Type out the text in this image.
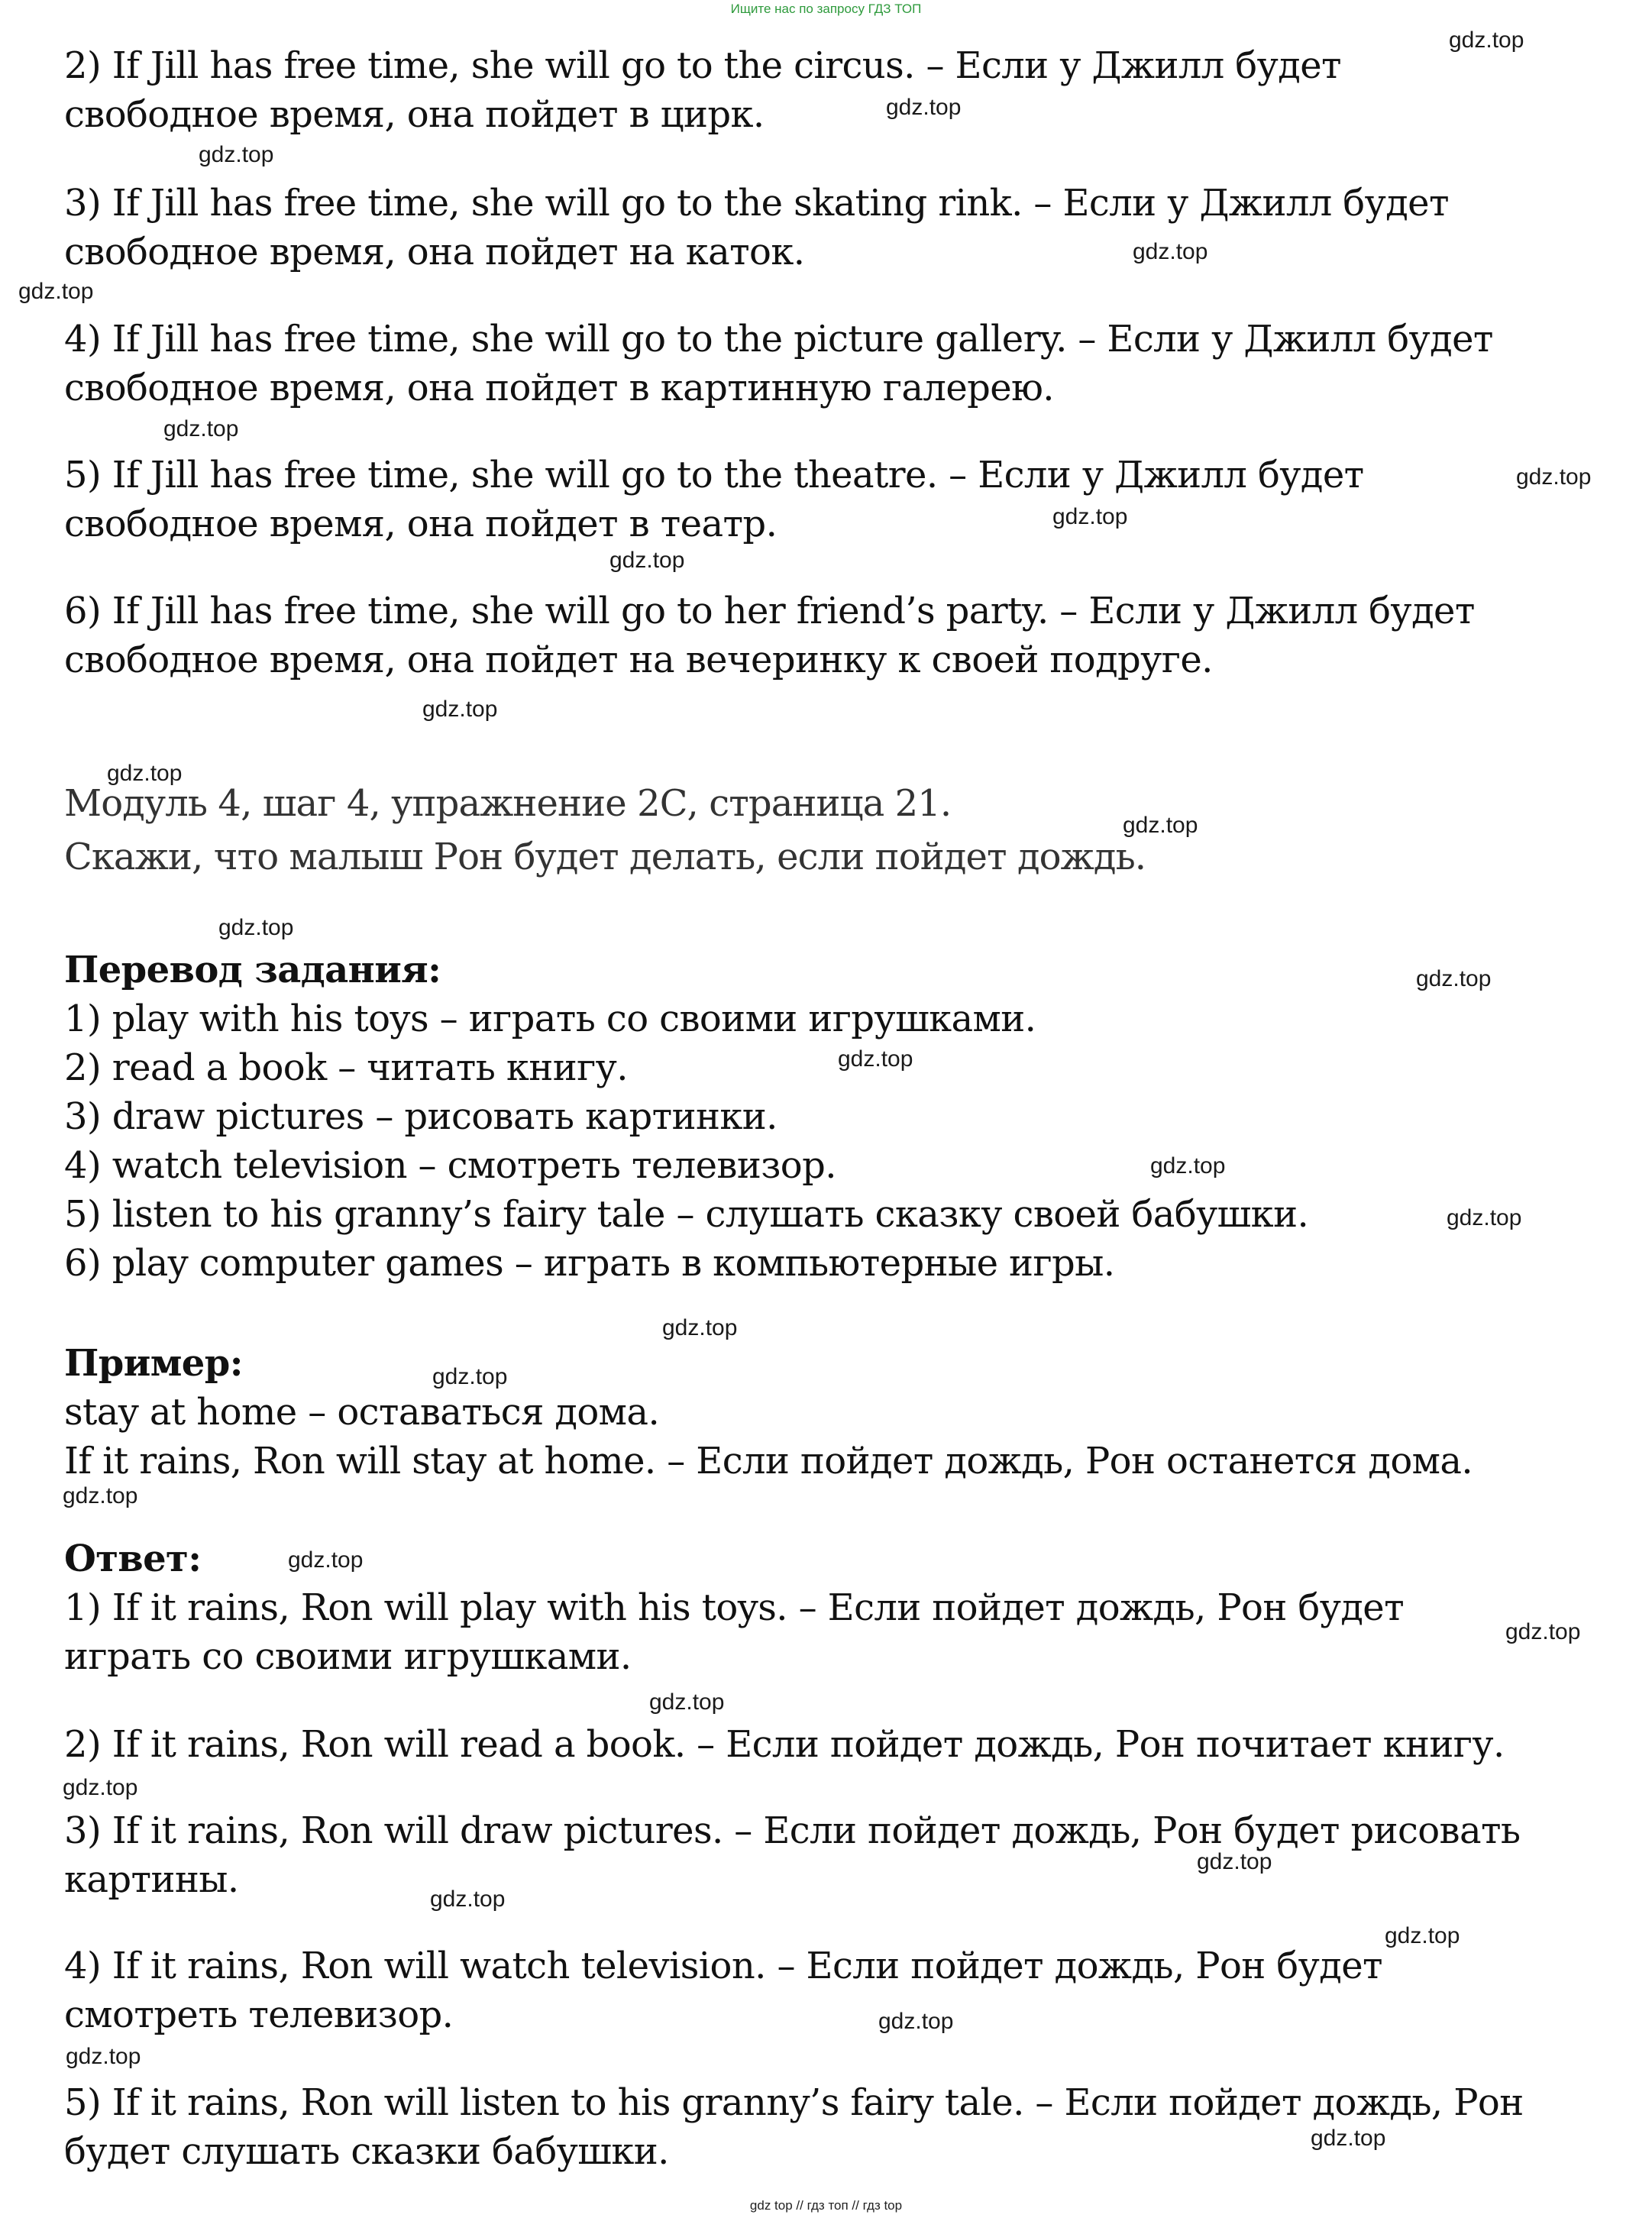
Ищите нас по запросу ГДЗ ТОП
2) If Jill has free time, she will go to the circus. – Если у Джилл будет
свободное время, она пойдет в цирк.
3) If Jill has free time, she will go to the skating rink. – Если у Джилл будет
свободное время, она пойдет на каток.
4) If Jill has free time, she will go to the picture gallery. – Если у Джилл будет
свободное время, она пойдет в картинную галерею.
5) If Jill has free time, she will go to the theatre. – Если у Джилл будет
свободное время, она пойдет в театр.
6) If Jill has free time, she will go to her friend’s party. – Если у Джилл будет
свободное время, она пойдет на вечеринку к своей подруге.
Модуль 4, шаг 4, упражнение 2С, страница 21.
Скажи, что малыш Рон будет делать, если пойдет дождь.
Перевод задания:
1) play with his toys – играть со своими игрушками.
2) read a book – читать книгу.
3) draw pictures – рисовать картинки.
4) watch television – смотреть телевизор.
5) listen to his granny’s fairy tale – слушать сказку своей бабушки.
6) play computer games – играть в компьютерные игры.
Пример:
stay at home – оставаться дома.
If it rains, Ron will stay at home. – Если пойдет дождь, Рон останется дома.
Ответ:
1) If it rains, Ron will play with his toys. – Если пойдет дождь, Рон будет
играть со своими игрушками.
2) If it rains, Ron will read a book. – Если пойдет дождь, Рон почитает книгу.
3) If it rains, Ron will draw pictures. – Если пойдет дождь, Рон будет рисовать
картины.
4) If it rains, Ron will watch television. – Если пойдет дождь, Рон будет
смотреть телевизор.
5) If it rains, Ron will listen to his granny’s fairy tale. – Если пойдет дождь, Рон
будет слушать сказки бабушки.
gdz.top
gdz.top
gdz.top
gdz.top
gdz.top
gdz.top
gdz.top
gdz.top
gdz.top
gdz.top
gdz.top
gdz.top
gdz.top
gdz.top
gdz.top
gdz.top
gdz.top
gdz.top
gdz.top
gdz.top
gdz.top
gdz.top
gdz.top
gdz.top
gdz.top
gdz.top
gdz.top
gdz.top
gdz.top
gdz.top
gdz top // гдз топ // гдз top
